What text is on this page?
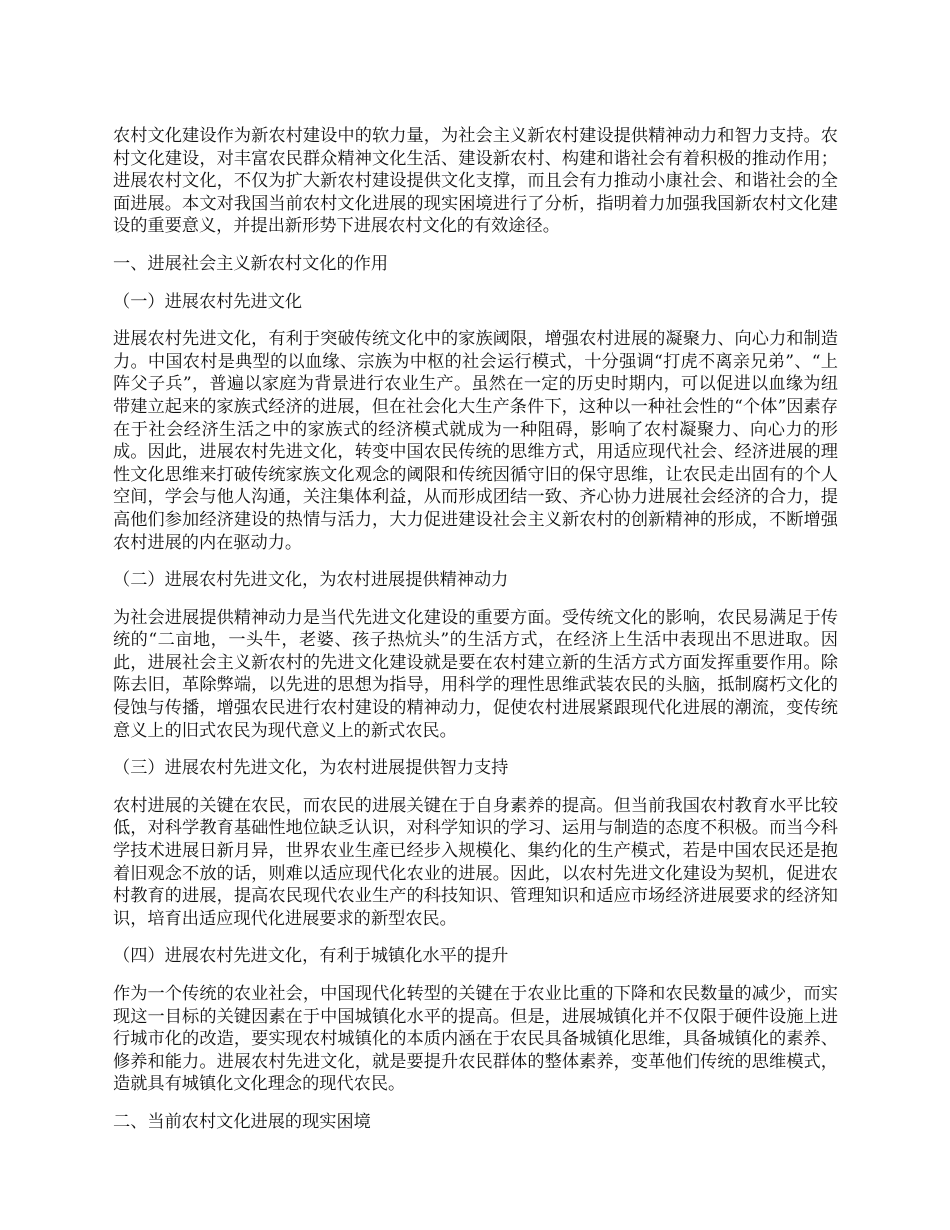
农村文化建设作为新农村建设中的软力量，为社会主义新农村建设提供精神动力和智力支持。农村文化建设，对丰富农民群众精神文化生活、建设新农村、构建和谐社会有着积极的推动作用；进展农村文化，不仅为扩大新农村建设提供文化支撑，而且会有力推动小康社会、和谐社会的全面进展。本文对我国当前农村文化进展的现实困境进行了分析，指明着力加强我国新农村文化建设的重要意义，并提出新形势下进展农村文化的有效途径。

一、进展社会主义新农村文化的作用

（一）进展农村先进文化

进展农村先进文化，有利于突破传统文化中的家族阈限，增强农村进展的凝聚力、向心力和制造力。中国农村是典型的以血缘、宗族为中枢的社会运行模式，十分强调“打虎不离亲兄弟”、“上阵父子兵”，普遍以家庭为背景进行农业生产。虽然在一定的历史时期内，可以促进以血缘为纽带建立起来的家族式经济的进展，但在社会化大生产条件下，这种以一种社会性的“个体”因素存在于社会经济生活之中的家族式的经济模式就成为一种阻碍，影响了农村凝聚力、向心力的形成。因此，进展农村先进文化，转变中国农民传统的思维方式，用适应现代社会、经济进展的理性文化思维来打破传统家族文化观念的阈限和传统因循守旧的保守思维，让农民走出固有的个人空间，学会与他人沟通，关注集体利益，从而形成团结一致、齐心协力进展社会经济的合力，提高他们参加经济建设的热情与活力，大力促进建设社会主义新农村的创新精神的形成，不断增强农村进展的内在驱动力。

（二）进展农村先进文化，为农村进展提供精神动力

为社会进展提供精神动力是当代先进文化建设的重要方面。受传统文化的影响，农民易满足于传统的“二亩地，一头牛，老婆、孩子热炕头”的生活方式，在经济上生活中表现出不思进取。因此，进展社会主义新农村的先进文化建设就是要在农村建立新的生活方式方面发挥重要作用。除陈去旧，革除弊端，以先进的思想为指导，用科学的理性思维武装农民的头脑，抵制腐朽文化的侵蚀与传播，增强农民进行农村建设的精神动力，促使农村进展紧跟现代化进展的潮流，变传统意义上的旧式农民为现代意义上的新式农民。

（三）进展农村先进文化，为农村进展提供智力支持

农村进展的关键在农民，而农民的进展关键在于自身素养的提高。但当前我国农村教育水平比较低，对科学教育基础性地位缺乏认识，对科学知识的学习、运用与制造的态度不积极。而当今科学技术进展日新月异，世界农业生產已经步入规模化、集约化的生产模式，若是中国农民还是抱着旧观念不放的话，则难以适应现代化农业的进展。因此，以农村先进文化建设为契机，促进农村教育的进展，提高农民现代农业生产的科技知识、管理知识和适应市场经济进展要求的经济知识，培育出适应现代化进展要求的新型农民。

（四）进展农村先进文化，有利于城镇化水平的提升

作为一个传统的农业社会，中国现代化转型的关键在于农业比重的下降和农民数量的减少，而实现这一目标的关键因素在于中国城镇化水平的提高。但是，进展城镇化并不仅限于硬件设施上进行城市化的改造，要实现农村城镇化的本质内涵在于农民具备城镇化思维，具备城镇化的素养、修养和能力。进展农村先进文化，就是要提升农民群体的整体素养，变革他们传统的思维模式，造就具有城镇化文化理念的现代农民。

二、当前农村文化进展的现实困境
